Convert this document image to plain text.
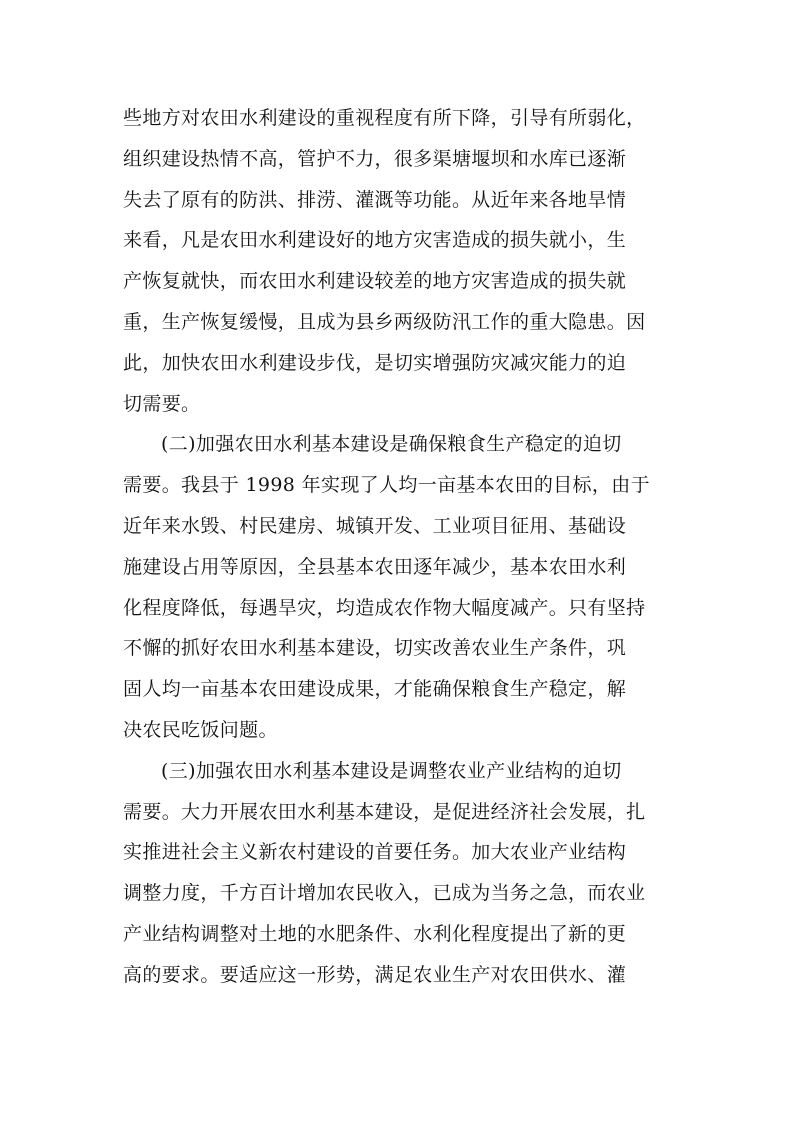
些地方对农田水利建设的重视程度有所下降，引导有所弱化，
组织建设热情不高，管护不力，很多渠塘堰坝和水库已逐渐
失去了原有的防洪、排涝、灌溉等功能。从近年来各地旱情
来看，凡是农田水利建设好的地方灾害造成的损失就小，生
产恢复就快，而农田水利建设较差的地方灾害造成的损失就
重，生产恢复缓慢，且成为县乡两级防汛工作的重大隐患。因
此，加快农田水利建设步伐，是切实增强防灾减灾能力的迫
切需要。
(二)加强农田水利基本建设是确保粮食生产稳定的迫切
需要。我县于 1998 年实现了人均一亩基本农田的目标，由于
近年来水毁、村民建房、城镇开发、工业项目征用、基础设
施建设占用等原因，全县基本农田逐年减少，基本农田水利
化程度降低，每遇旱灾，均造成农作物大幅度减产。只有坚持
不懈的抓好农田水利基本建设，切实改善农业生产条件，巩
固人均一亩基本农田建设成果，才能确保粮食生产稳定，解
决农民吃饭问题。
(三)加强农田水利基本建设是调整农业产业结构的迫切
需要。大力开展农田水利基本建设，是促进经济社会发展，扎
实推进社会主义新农村建设的首要任务。加大农业产业结构
调整力度，千方百计增加农民收入，已成为当务之急，而农业
产业结构调整对土地的水肥条件、水利化程度提出了新的更
高的要求。要适应这一形势，满足农业生产对农田供水、灌
